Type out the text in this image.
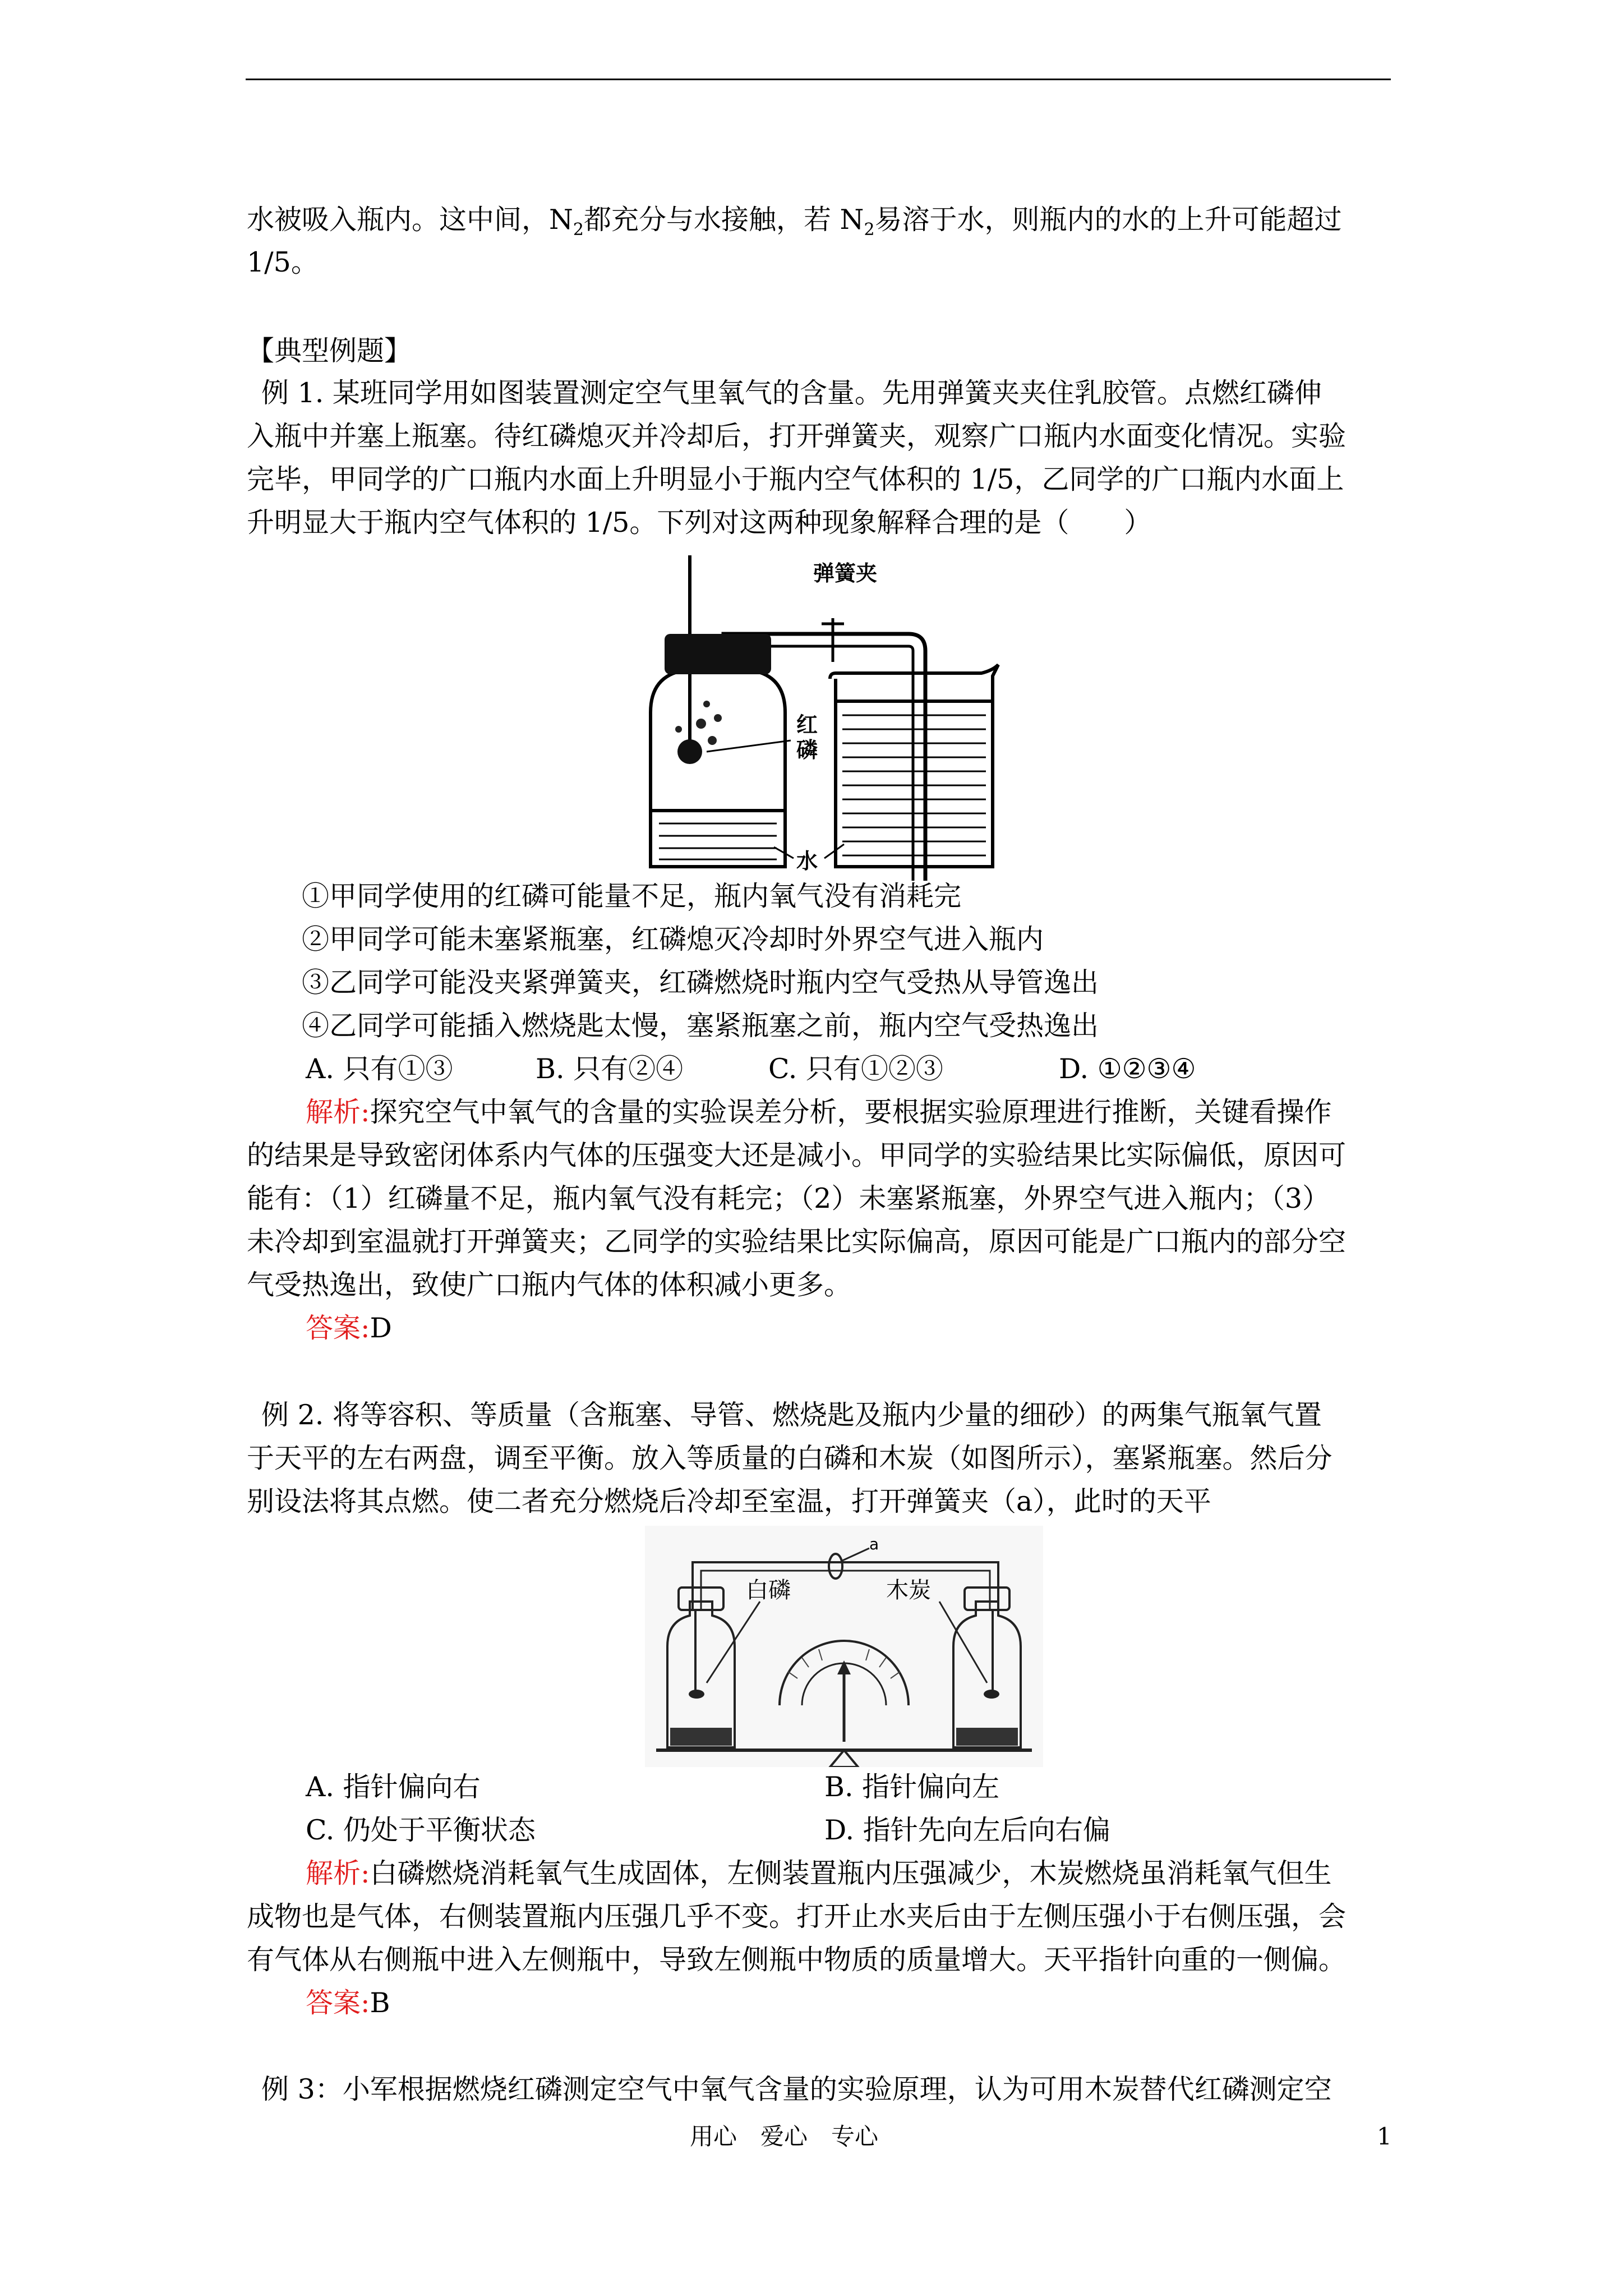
水被吸入瓶内。这中间，$N_2$都充分与水接触，若 $N_2$易溶于水，则瓶内的水的上升可能超过
1/5。
【典型例题】
例 1. 某班同学用如图装置测定空气里氧气的含量。先用弹簧夹夹住乳胶管。点燃红磷伸
入瓶中并塞上瓶塞。待红磷熄灭并冷却后，打开弹簧夹，观察广口瓶内水面变化情况。实验
完毕，甲同学的广口瓶内水面上升明显小于瓶内空气体积的 1/5，乙同学的广口瓶内水面上
升明显大于瓶内空气体积的 1/5。下列对这两种现象解释合理的是（　　）
弹簧夹
红
磷
水
①甲同学使用的红磷可能量不足，瓶内氧气没有消耗完
②甲同学可能未塞紧瓶塞，红磷熄灭冷却时外界空气进入瓶内
③乙同学可能没夹紧弹簧夹，红磷燃烧时瓶内空气受热从导管逸出
④乙同学可能插入燃烧匙太慢，塞紧瓶塞之前，瓶内空气受热逸出
A. 只有①③	B. 只有②④	C. 只有①②③	D. ①②③④
解析:探究空气中氧气的含量的实验误差分析，要根据实验原理进行推断，关键看操作
的结果是导致密闭体系内气体的压强变大还是减小。甲同学的实验结果比实际偏低，原因可
能有：（1）红磷量不足，瓶内氧气没有耗完；（2）未塞紧瓶塞，外界空气进入瓶内；（3）
未冷却到室温就打开弹簧夹；乙同学的实验结果比实际偏高，原因可能是广口瓶内的部分空
气受热逸出，致使广口瓶内气体的体积减小更多。
答案:D
例 2. 将等容积、等质量（含瓶塞、导管、燃烧匙及瓶内少量的细砂）的两集气瓶氧气置
于天平的左右两盘，调至平衡。放入等质量的白磷和木炭（如图所示），塞紧瓶塞。然后分
别设法将其点燃。使二者充分燃烧后冷却至室温，打开弹簧夹（a），此时的天平
a
白磷	木炭
A. 指针偏向右	B. 指针偏向左
C. 仍处于平衡状态	D. 指针先向左后向右偏
解析:白磷燃烧消耗氧气生成固体，左侧装置瓶内压强减少，木炭燃烧虽消耗氧气但生
成物也是气体，右侧装置瓶内压强几乎不变。打开止水夹后由于左侧压强小于右侧压强，会
有气体从右侧瓶中进入左侧瓶中，导致左侧瓶中物质的质量增大。天平指针向重的一侧偏。
答案:B
例 3：小军根据燃烧红磷测定空气中氧气含量的实验原理，认为可用木炭替代红磷测定空
用心　爱心　专心	1
